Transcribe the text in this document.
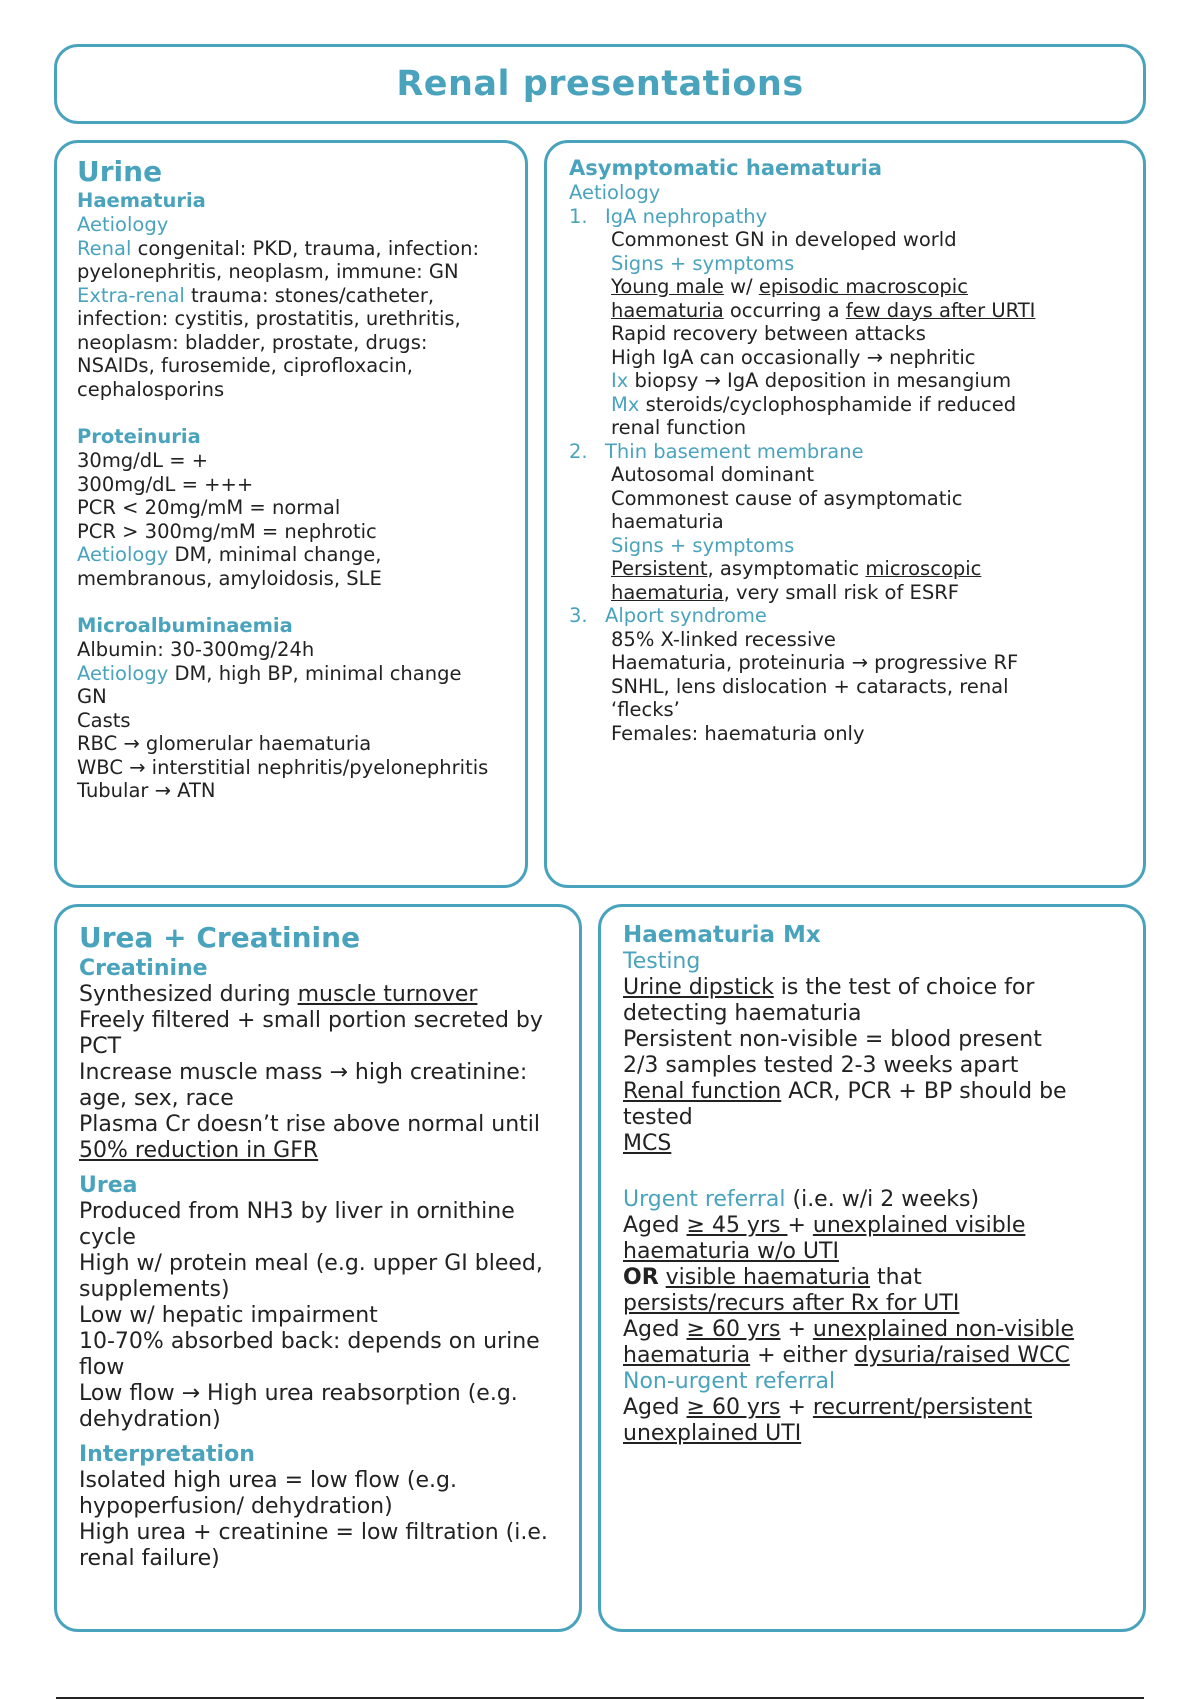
Renal presentations
Urine
Haematuria
Aetiology
Renal congenital: PKD, trauma, infection:
pyelonephritis, neoplasm, immune: GN
Extra-renal trauma: stones/catheter,
infection: cystitis, prostatitis, urethritis,
neoplasm: bladder, prostate, drugs:
NSAIDs, furosemide, ciprofloxacin,
cephalosporins
Proteinuria
30mg/dL = +
300mg/dL = +++
PCR < 20mg/mM = normal
PCR > 300mg/mM = nephrotic
Aetiology DM, minimal change,
membranous, amyloidosis, SLE
Microalbuminaemia
Albumin: 30-300mg/24h
Aetiology DM, high BP, minimal change
GN
Casts
RBC → glomerular haematuria
WBC → interstitial nephritis/pyelonephritis
Tubular → ATN
Asymptomatic haematuria
Aetiology
1. IgA nephropathy
Commonest GN in developed world
Signs + symptoms
Young male w/ episodic macroscopic
haematuria occurring a few days after URTI
Rapid recovery between attacks
High IgA can occasionally → nephritic
Ix biopsy → IgA deposition in mesangium
Mx steroids/cyclophosphamide if reduced
renal function
2. Thin basement membrane
Autosomal dominant
Commonest cause of asymptomatic
haematuria
Signs + symptoms
Persistent, asymptomatic microscopic
haematuria, very small risk of ESRF
3. Alport syndrome
85% X-linked recessive
Haematuria, proteinuria → progressive RF
SNHL, lens dislocation + cataracts, renal
‘flecks’
Females: haematuria only
Urea + Creatinine
Creatinine
Synthesized during muscle turnover
Freely filtered + small portion secreted by
PCT
Increase muscle mass → high creatinine:
age, sex, race
Plasma Cr doesn’t rise above normal until
50% reduction in GFR
Urea
Produced from NH3 by liver in ornithine
cycle
High w/ protein meal (e.g. upper GI bleed,
supplements)
Low w/ hepatic impairment
10-70% absorbed back: depends on urine
flow
Low flow → High urea reabsorption (e.g.
dehydration)
Interpretation
Isolated high urea = low flow (e.g.
hypoperfusion/ dehydration)
High urea + creatinine = low filtration (i.e.
renal failure)
Haematuria Mx
Testing
Urine dipstick is the test of choice for
detecting haematuria
Persistent non-visible = blood present
2/3 samples tested 2-3 weeks apart
Renal function ACR, PCR + BP should be
tested
MCS
Urgent referral (i.e. w/i 2 weeks)
Aged ≥ 45 yrs + unexplained visible
haematuria w/o UTI
OR visible haematuria that
persists/recurs after Rx for UTI
Aged ≥ 60 yrs + unexplained non-visible
haematuria + either dysuria/raised WCC
Non-urgent referral
Aged ≥ 60 yrs + recurrent/persistent
unexplained UTI
